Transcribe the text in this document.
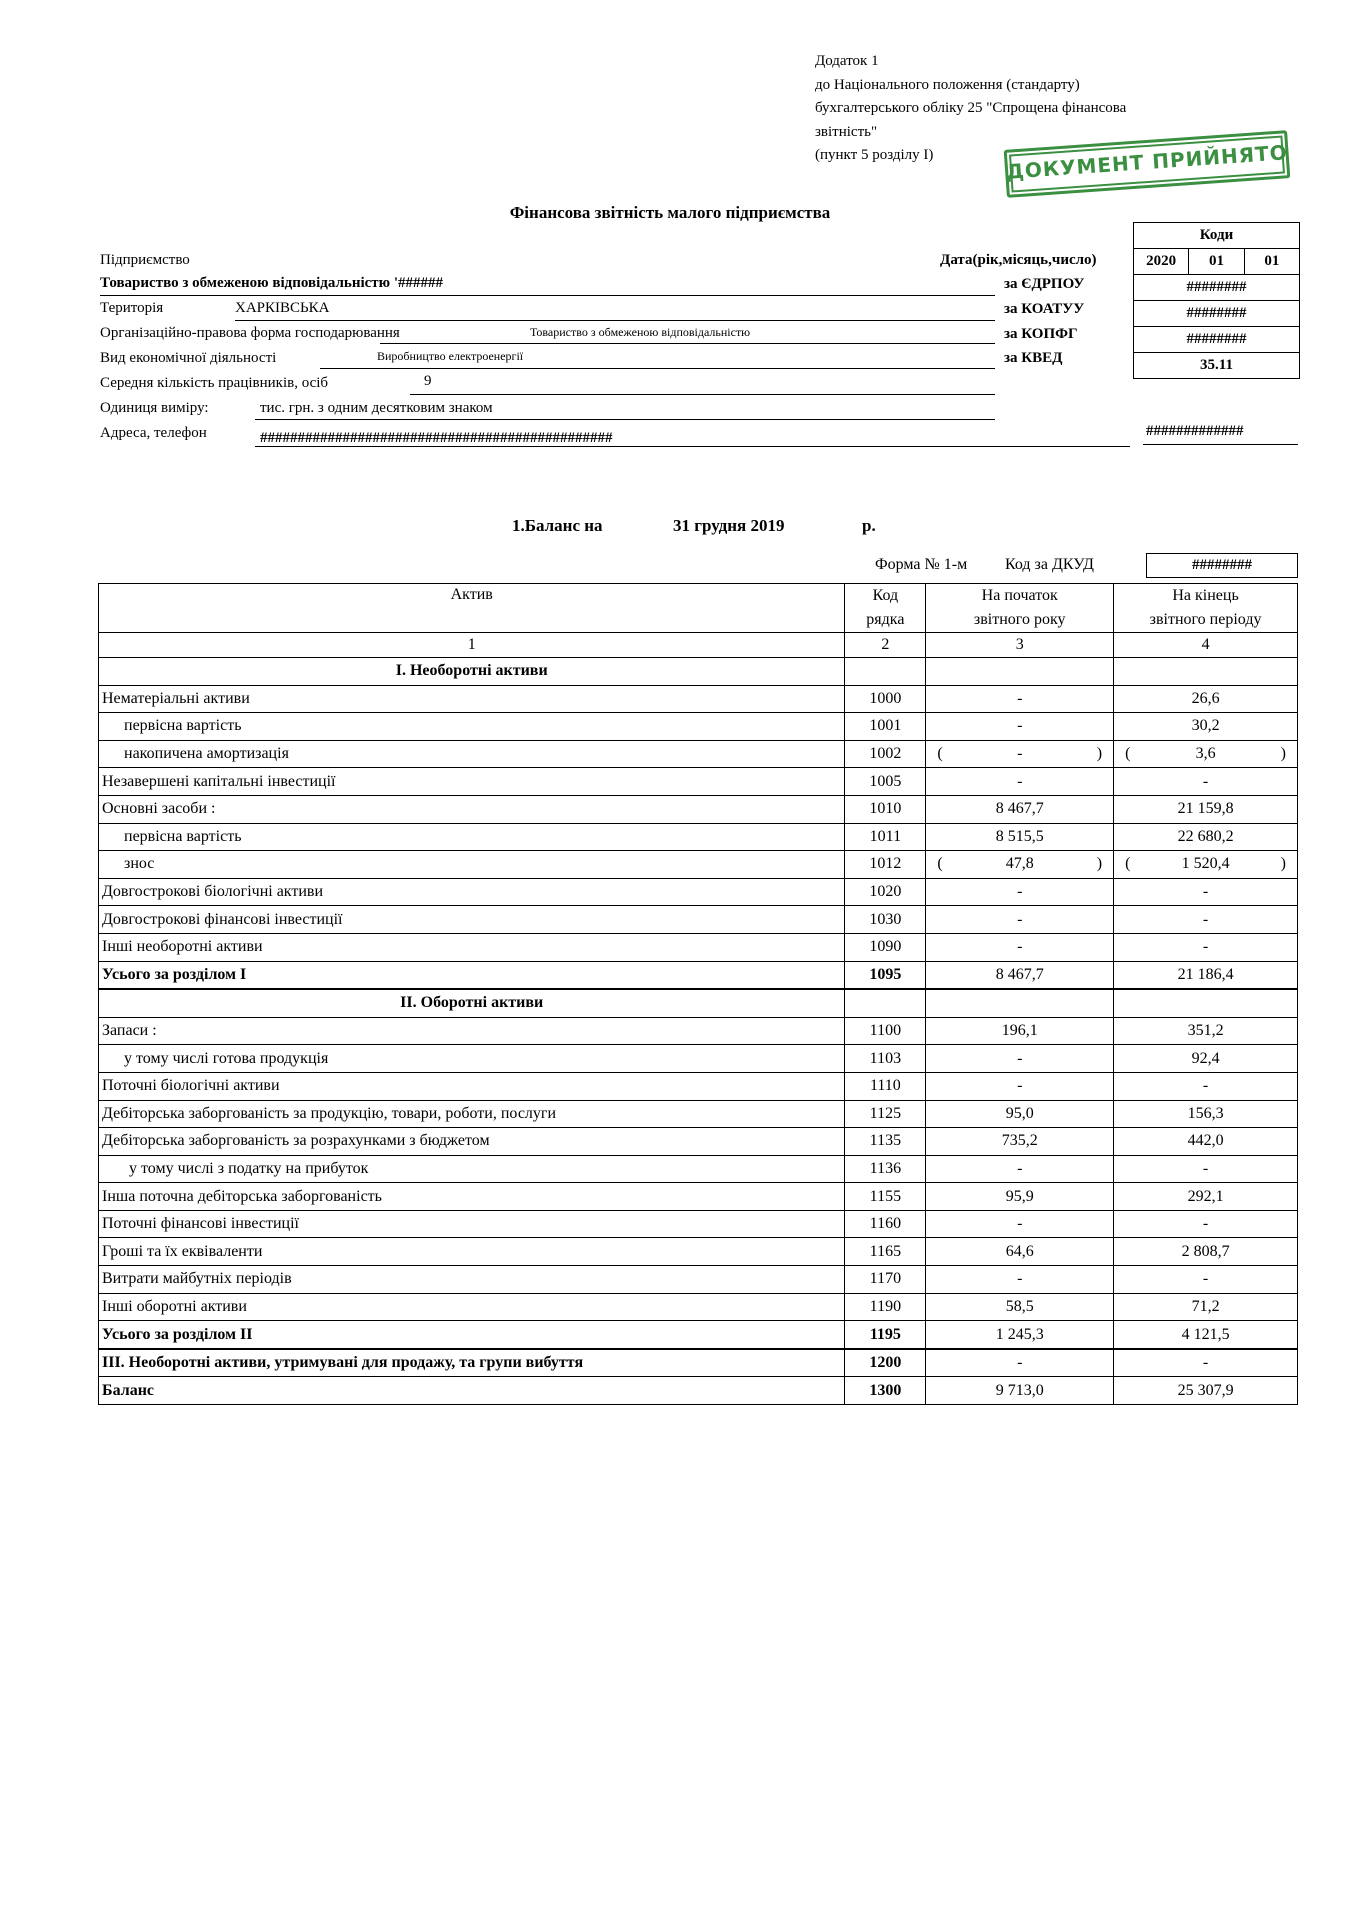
Додаток 1
до Національного положення (стандарту)
бухгалтерського обліку 25 "Спрощена фінансова
звітність"
(пункт 5 розділу I)	ДОКУМЕНТ ПРИЙНЯТО
Фінансова звітність малого підприємства
Коди
2020	01	01
########
########
########
35.11
Дата(рік,місяць,число)
за ЄДРПОУ
за КОАТУУ
за КОПФГ
за КВЕД
Підприємство
Товариство з обмеженою відповідальністю '######
Територія	ХАРКІВСЬКА
Організаційно-правова форма господарювання	Товариство з обмеженою відповідальністю
Вид економічної діяльності	Виробництво електроенергії
Середня кількість працівників, осіб	9
Одиниця виміру:	тис. грн. з одним десятковим знаком
Адреса, телефон	###############################################	#############
1.Баланс на	31 грудня 2019	р.
Форма № 1-м Код за ДКУД	########
Актив	Код	На початок	На кінець
	рядка	звітного року	звітного періоду
1	2	3	4
I. Необоротні активи			
Нематеріальні активи	1000	-	26,6
первісна вартість	1001	-	30,2
накопичена амортизація	1002	( - )	( 3,6 )

Незавершені капітальні інвестиції	1005	-	-
Основні засоби :	1010	8 467,7	21 159,8
первісна вартість	1011	8 515,5	22 680,2
знос	1012	( 47,8 )	( 1 520,4 )

Довгострокові біологічні активи	1020	-	-
Довгострокові фінансові інвестиції	1030	-	-
Інші необоротні активи	1090	-	-
Усього за розділом I	1095	8 467,7	21 186,4
II. Оборотні активи			
Запаси :	1100	196,1	351,2
у тому числі готова продукція	1103	-	92,4
Поточні біологічні активи	1110	-	-
Дебіторська заборгованість за продукцію, товари, роботи, послуги	1125	95,0	156,3
Дебіторська заборгованість за розрахунками з бюджетом	1135	735,2	442,0
у тому числі з податку на прибуток	1136	-	-
Інша поточна дебіторська заборгованість	1155	95,9	292,1
Поточні фінансові інвестиції	1160	-	-
Гроші та їх еквіваленти	1165	64,6	2 808,7
Витрати майбутніх періодів	1170	-	-
Інші оборотні активи	1190	58,5	71,2
Усього за розділом II	1195	1 245,3	4 121,5
III. Необоротні активи, утримувані для продажу, та групи вибуття	1200	-	-
Баланс	1300	9 713,0	25 307,9
